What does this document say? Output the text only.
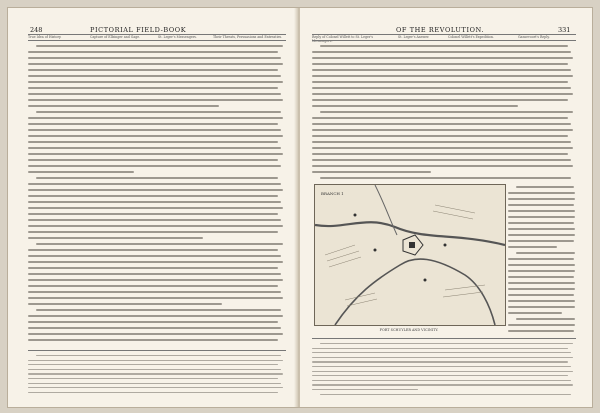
248	PICTORIAL FIELD-BOOK
True Idea of History.	Capture of Ellsinger and Gage.	St. Leger's Messengers.	Their Threats, Persuasions and Entreaties.
OF THE REVOLUTION.	331
Reply of Colonel Willett to St. Leger's Messengers.
St. Leger's Answer.	Colonel Willett's Expedition.	Gansevoort's Reply.
BRANCH 1
FORT SCHUYLER AND VICINITY.
